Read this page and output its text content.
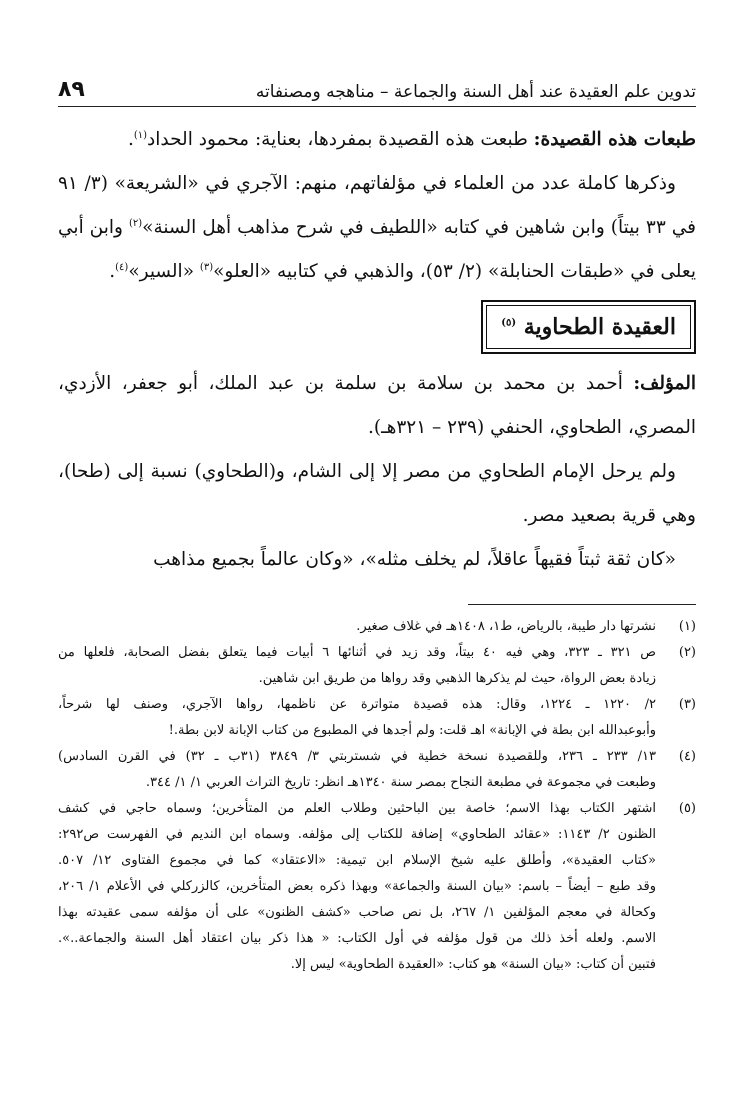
تدوين علم العقيدة عند أهل السنة والجماعة – مناهجه ومصنفاته
٨٩

طبعات هذه القصيدة: طبعت هذه القصيدة بمفردها، بعناية: محمود الحداد$^{(١)}$.

وذكرها كاملة عدد من العلماء في مؤلفاتهم، منهم: الآجري في «الشريعة» (٣/ ٩١ في ٣٣ بيتاً) وابن شاهين في كتابه «اللطيف في شرح مذاهب أهل السنة»$^{(٢)}$ وابن أبي يعلى في «طبقات الحنابلة» (٢/ ٥٣)، والذهبي في كتابيه «العلو»$^{(٣)}$ «السير»$^{(٤)}$.

العقيدة الطحاوية $^{(٥)}$

المؤلف: أحمد بن محمد بن سلامة بن سلمة بن عبد الملك، أبو جعفر، الأزدي، المصري، الطحاوي، الحنفي (٢٣٩ – ٣٢١هـ).

ولم يرحل الإمام الطحاوي من مصر إلا إلى الشام، و(الطحاوي) نسبة إلى (طحا)، وهي قرية بصعيد مصر.

«كان ثقة ثبتاً فقيهاً عاقلاً، لم يخلف مثله»، «وكان عالماً بجميع مذاهب

(١)
نشرتها دار طيبة، بالرياض، ط١، ١٤٠٨هـ في غلاف صغير.
(٢)
ص ٣٢١ ـ ٣٢٣، وهي فيه ٤٠ بيتاً، وقد زيد في أثنائها ٦ أبيات فيما يتعلق بفضل الصحابة، فلعلها من
زيادة بعض الرواة، حيث لم يذكرها الذهبي وقد رواها من طريق ابن شاهين.
(٣)
٢/ ١٢٢٠ ـ ١٢٢٤، وقال: هذه قصيدة متواترة عن ناظمها، رواها الآجري، وصنف لها شرحاً،
وأبوعبدالله ابن بطة في الإبانة» اهـ قلت: ولم أجدها في المطبوع من كتاب الإبانة لابن بطة.!
(٤)
١٣/ ٢٣٣ ـ ٢٣٦، وللقصيدة نسخة خطية في شستربتي ٣/ ٣٨٤٩ (٣١ب ـ ٣٢) في القرن السادس)
وطبعت في مجموعة في مطبعة النجاح بمصر سنة ١٣٤٠هـ انظر: تاريخ التراث العربي ١/ ١/ ٣٤٤.
(٥)
اشتهر الكتاب بهذا الاسم؛ خاصة بين الباحثين وطلاب العلم من المتأخرين؛ وسماه حاجي في كشف
الظنون ٢/ ١١٤٣: «عقائد الطحاوي» إضافة للكتاب إلى مؤلفه. وسماه ابن النديم في الفهرست ص٢٩٢:
«كتاب العقيدة»، وأطلق عليه شيخ الإسلام ابن تيمية: «الاعتقاد» كما في مجموع الفتاوى ١٢/ ٥٠٧.
وقد طبع – أيضاً – باسم: «بيان السنة والجماعة» وبهذا ذكره بعض المتأخرين، كالزركلي في الأعلام ١/ ٢٠٦،
وكحالة في معجم المؤلفين ١/ ٢٦٧، بل نص صاحب «كشف الظنون» على أن مؤلفه سمى عقيدته بهذا
الاسم. ولعله أخذ ذلك من قول مؤلفه في أول الكتاب: « هذا ذكر بيان اعتقاد أهل السنة والجماعة..».
فتبين أن كتاب: «بيان السنة» هو كتاب: «العقيدة الطحاوية» ليس إلا.
